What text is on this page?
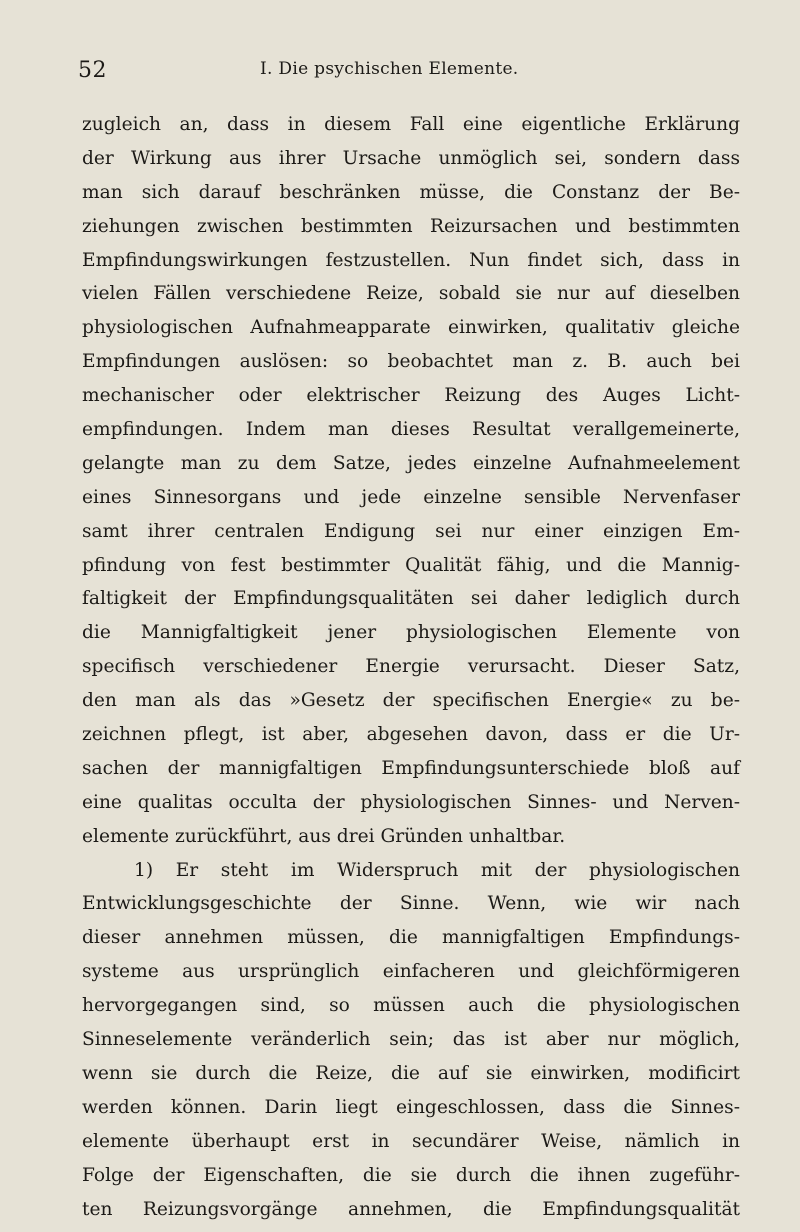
52	I. Die psychischen Elemente.
zugleich an, dass in diesem Fall eine eigentliche Erklärung
der Wirkung aus ihrer Ursache unmöglich sei, sondern dass
man sich darauf beschränken müsse, die Constanz der Be-
ziehungen zwischen bestimmten Reizursachen und bestimmten
Empfindungswirkungen festzustellen. Nun findet sich, dass in
vielen Fällen verschiedene Reize, sobald sie nur auf dieselben
physiologischen Aufnahmeapparate einwirken, qualitativ gleiche
Empfindungen auslösen: so beobachtet man z. B. auch bei
mechanischer oder elektrischer Reizung des Auges Licht-
empfindungen. Indem man dieses Resultat verallgemeinerte,
gelangte man zu dem Satze, jedes einzelne Aufnahmeelement
eines Sinnesorgans und jede einzelne sensible Nervenfaser
samt ihrer centralen Endigung sei nur einer einzigen Em-
pfindung von fest bestimmter Qualität fähig, und die Mannig-
faltigkeit der Empfindungsqualitäten sei daher lediglich durch
die Mannigfaltigkeit jener physiologischen Elemente von
specifisch verschiedener Energie verursacht. Dieser Satz,
den man als das »Gesetz der specifischen Energie« zu be-
zeichnen pflegt, ist aber, abgesehen davon, dass er die Ur-
sachen der mannigfaltigen Empfindungsunterschiede bloß auf
eine qualitas occulta der physiologischen Sinnes- und Nerven-
elemente zurückführt, aus drei Gründen unhaltbar.
1) Er steht im Widerspruch mit der physiologischen
Entwicklungsgeschichte der Sinne. Wenn, wie wir nach
dieser annehmen müssen, die mannigfaltigen Empfindungs-
systeme aus ursprünglich einfacheren und gleichförmigeren
hervorgegangen sind, so müssen auch die physiologischen
Sinneselemente veränderlich sein; das ist aber nur möglich,
wenn sie durch die Reize, die auf sie einwirken, modificirt
werden können. Darin liegt eingeschlossen, dass die Sinnes-
elemente überhaupt erst in secundärer Weise, nämlich in
Folge der Eigenschaften, die sie durch die ihnen zugeführ-
ten Reizungsvorgänge annehmen, die Empfindungsqualität
